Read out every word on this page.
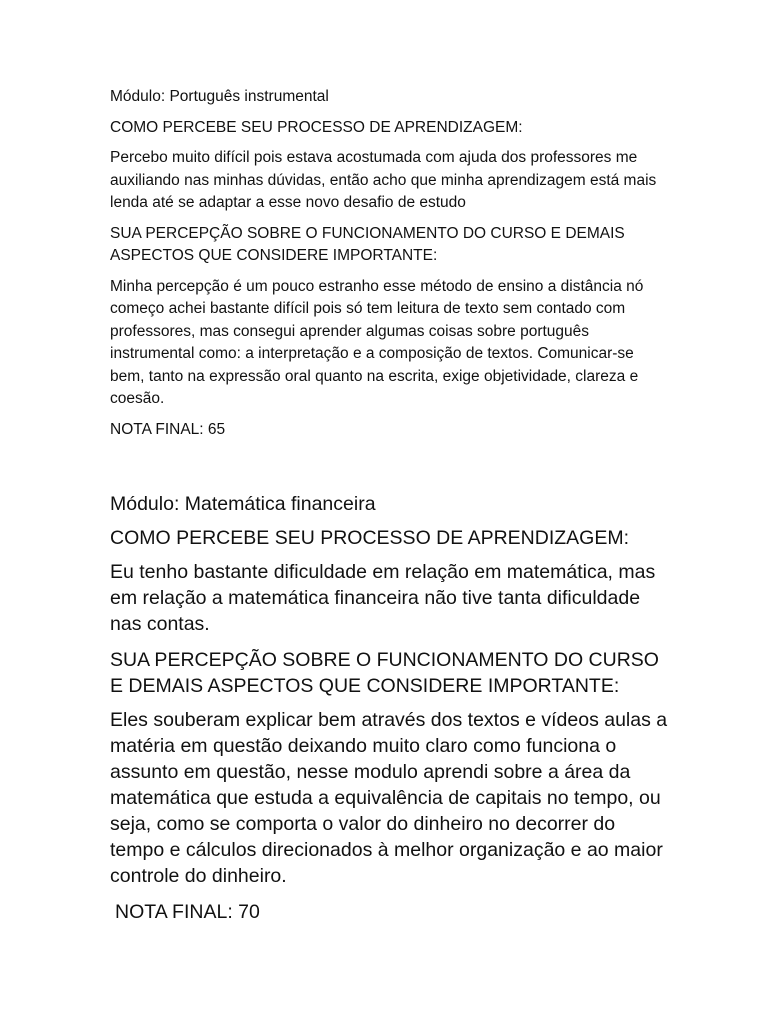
Módulo: Português instrumental

COMO PERCEBE SEU PROCESSO DE APRENDIZAGEM:

Percebo muito difícil pois estava acostumada com ajuda dos professores me auxiliando nas minhas dúvidas, então acho que minha aprendizagem está mais lenda até se adaptar a esse novo desafio de estudo

SUA PERCEPÇÃO SOBRE O FUNCIONAMENTO DO CURSO E DEMAIS ASPECTOS QUE CONSIDERE IMPORTANTE:

Minha percepção é um pouco estranho esse método de ensino a distância nó começo achei bastante difícil pois só tem leitura de texto sem contado com professores, mas consegui aprender algumas coisas sobre português instrumental como: a interpretação e a composição de textos. Comunicar-se bem, tanto na expressão oral quanto na escrita, exige objetividade, clareza e coesão.

NOTA FINAL: 65

Módulo: Matemática financeira

COMO PERCEBE SEU PROCESSO DE APRENDIZAGEM:

Eu tenho bastante dificuldade em relação em matemática, mas em relação a matemática financeira não tive tanta dificuldade nas contas.

SUA PERCEPÇÃO SOBRE O FUNCIONAMENTO DO CURSO E DEMAIS ASPECTOS QUE CONSIDERE IMPORTANTE:

Eles souberam explicar bem através dos textos e vídeos aulas a matéria em questão deixando muito claro como funciona o assunto em questão, nesse modulo aprendi sobre a área da matemática que estuda a equivalência de capitais no tempo, ou seja, como se comporta o valor do dinheiro no decorrer do tempo e cálculos direcionados à melhor organização e ao maior controle do dinheiro.

NOTA FINAL: 70
